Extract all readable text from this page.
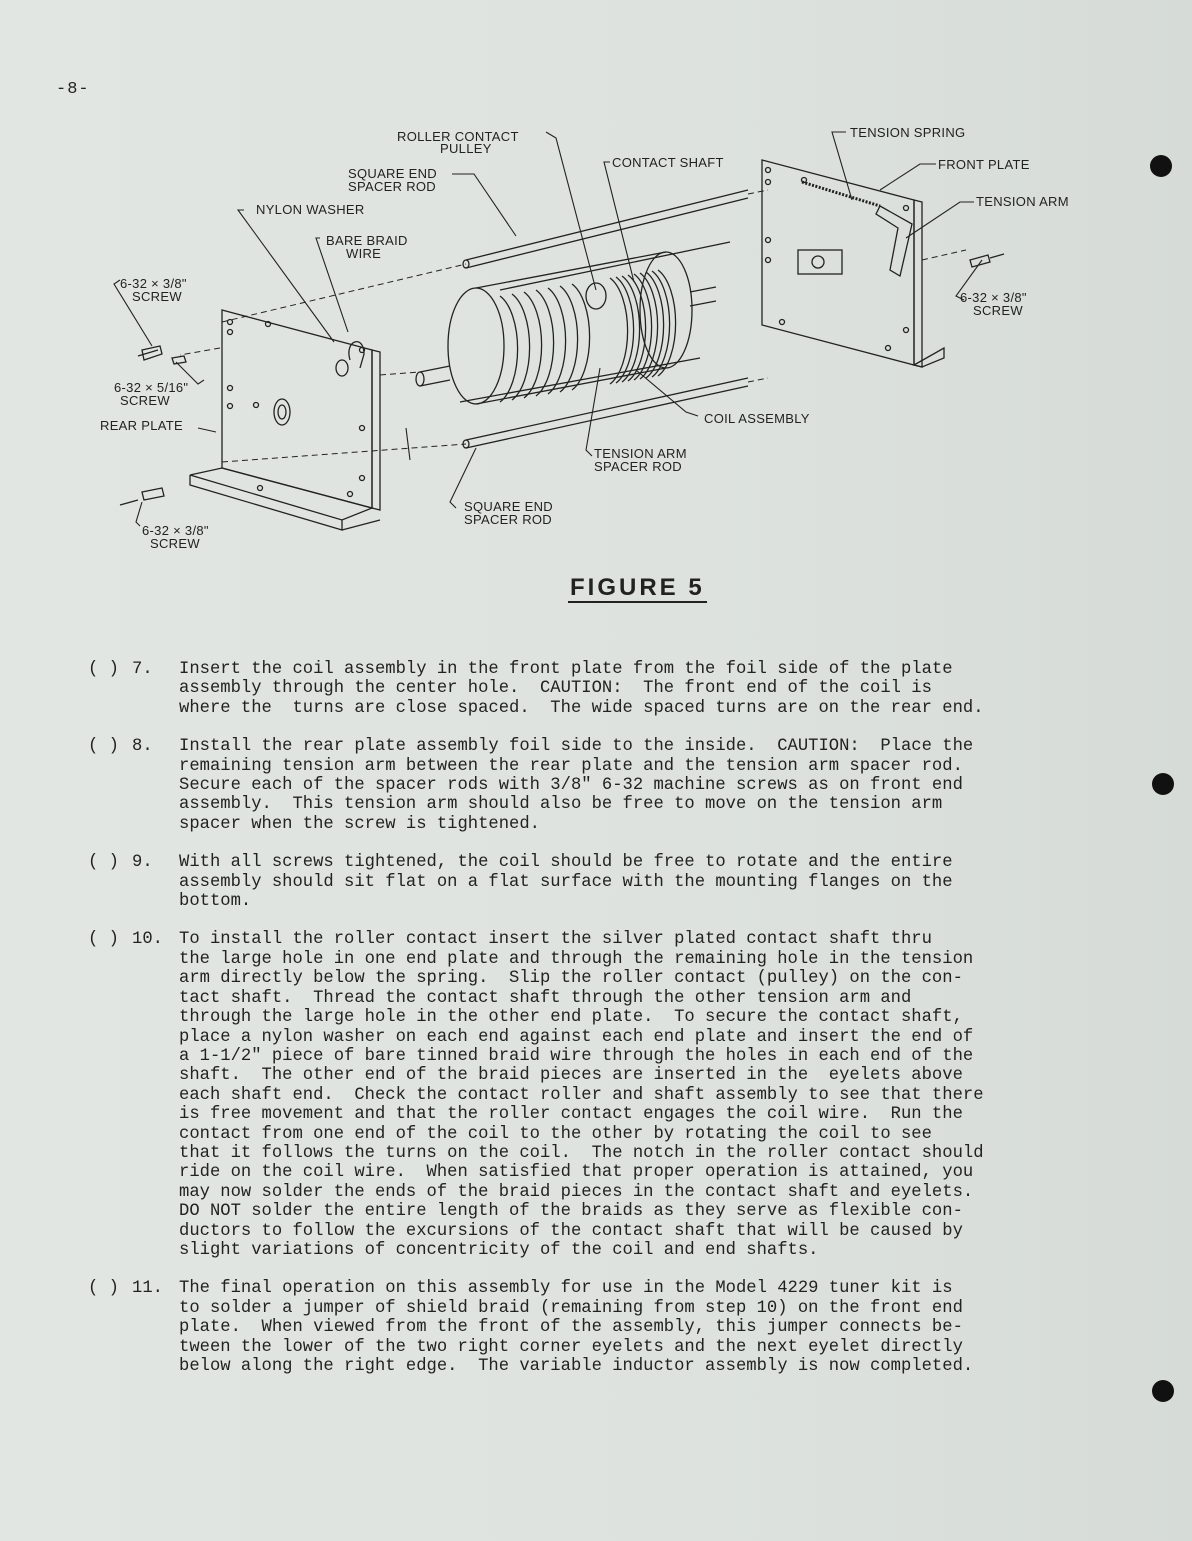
-8-
ROLLER CONTACT
PULLEY
SQUARE END
SPACER ROD
NYLON WASHER
BARE BRAID
WIRE
CONTACT SHAFT
TENSION SPRING
FRONT PLATE
TENSION ARM
6-32 × 3/8"
SCREW
6-32 × 5/16"
SCREW
REAR PLATE
6-32 × 3/8"
SCREW
6-32 × 3/8"
SCREW
COIL ASSEMBLY
TENSION ARM
SPACER ROD
SQUARE END
SPACER ROD
FIGURE 5
( ) 7. Insert the coil assembly in the front plate from the foil side of the plate
assembly through the center hole.  CAUTION:  The front end of the coil is
where the  turns are close spaced.  The wide spaced turns are on the rear end.
( ) 8. Install the rear plate assembly foil side to the inside.  CAUTION:  Place the
remaining tension arm between the rear plate and the tension arm spacer rod.
Secure each of the spacer rods with 3/8" 6-32 machine screws as on front end
assembly.  This tension arm should also be free to move on the tension arm
spacer when the screw is tightened.
( ) 9. With all screws tightened, the coil should be free to rotate and the entire
assembly should sit flat on a flat surface with the mounting flanges on the
bottom.
( ) 10. To install the roller contact insert the silver plated contact shaft thru
the large hole in one end plate and through the remaining hole in the tension
arm directly below the spring.  Slip the roller contact (pulley) on the con-
tact shaft.  Thread the contact shaft through the other tension arm and
through the large hole in the other end plate.  To secure the contact shaft,
place a nylon washer on each end against each end plate and insert the end of
a 1-1/2" piece of bare tinned braid wire through the holes in each end of the
shaft.  The other end of the braid pieces are inserted in the  eyelets above
each shaft end.  Check the contact roller and shaft assembly to see that there
is free movement and that the roller contact engages the coil wire.  Run the
contact from one end of the coil to the other by rotating the coil to see
that it follows the turns on the coil.  The notch in the roller contact should
ride on the coil wire.  When satisfied that proper operation is attained, you
may now solder the ends of the braid pieces in the contact shaft and eyelets.
DO NOT solder the entire length of the braids as they serve as flexible con-
ductors to follow the excursions of the contact shaft that will be caused by
slight variations of concentricity of the coil and end shafts.
( ) 11. The final operation on this assembly for use in the Model 4229 tuner kit is
to solder a jumper of shield braid (remaining from step 10) on the front end
plate.  When viewed from the front of the assembly, this jumper connects be-
tween the lower of the two right corner eyelets and the next eyelet directly
below along the right edge.  The variable inductor assembly is now completed.
